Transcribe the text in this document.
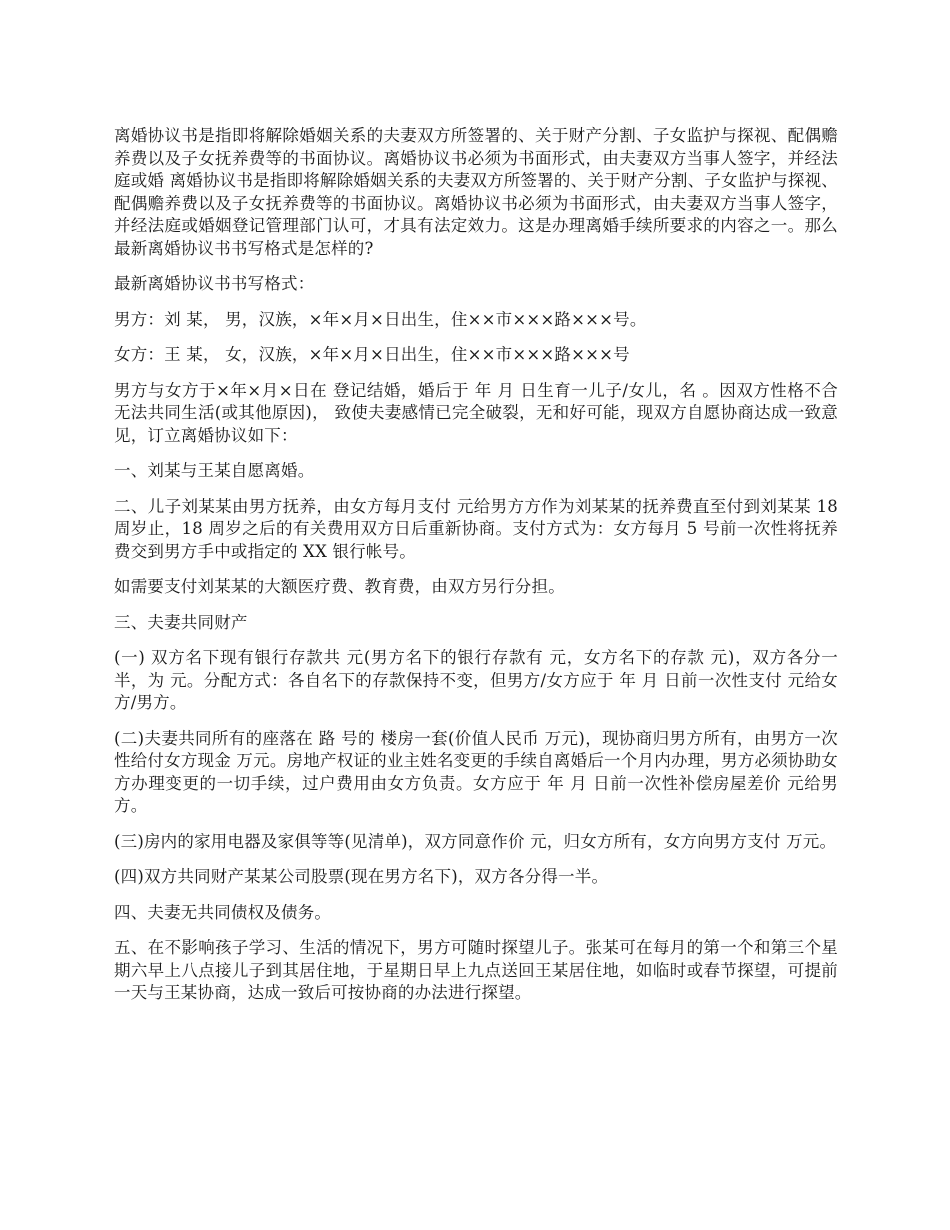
离婚协议书是指即将解除婚姻关系的夫妻双方所签署的、关于财产分割、子女监护与探视、配偶赡养费以及子女抚养费等的书面协议。离婚协议书必须为书面形式，由夫妻双方当事人签字，并经法庭或婚 离婚协议书是指即将解除婚姻关系的夫妻双方所签署的、关于财产分割、子女监护与探视、配偶赡养费以及子女抚养费等的书面协议。离婚协议书必须为书面形式，由夫妻双方当事人签字，并经法庭或婚姻登记管理部门认可，才具有法定效力。这是办理离婚手续所要求的内容之一。那么最新离婚协议书书写格式是怎样的?

最新离婚协议书书写格式：

男方：刘 某， 男，汉族，×年×月×日出生，住××市×××路×××号。

女方：王 某， 女，汉族，×年×月×日出生，住××市×××路×××号

男方与女方于×年×月×日在 登记结婚，婚后于 年 月 日生育一儿子/女儿，名 。因双方性格不合无法共同生活(或其他原因)， 致使夫妻感情已完全破裂，无和好可能，现双方自愿协商达成一致意见，订立离婚协议如下：

一、刘某与王某自愿离婚。

二、儿子刘某某由男方抚养，由女方每月支付 元给男方方作为刘某某的抚养费直至付到刘某某 18 周岁止，18 周岁之后的有关费用双方日后重新协商。支付方式为：女方每月 5 号前一次性将抚养费交到男方手中或指定的 XX 银行帐号。

如需要支付刘某某的大额医疗费、教育费，由双方另行分担。

三、夫妻共同财产

(一) 双方名下现有银行存款共 元(男方名下的银行存款有 元，女方名下的存款 元)，双方各分一半，为 元。分配方式：各自名下的存款保持不变，但男方/女方应于 年 月 日前一次性支付 元给女方/男方。

(二)夫妻共同所有的座落在 路 号的 楼房一套(价值人民币 万元)，现协商归男方所有，由男方一次性给付女方现金 万元。房地产权证的业主姓名变更的手续自离婚后一个月内办理，男方必须协助女方办理变更的一切手续，过户费用由女方负责。女方应于 年 月 日前一次性补偿房屋差价 元给男方。

(三)房内的家用电器及家俱等等(见清单)，双方同意作价 元，归女方所有，女方向男方支付 万元。

(四)双方共同财产某某公司股票(现在男方名下)，双方各分得一半。

四、夫妻无共同债权及债务。

五、在不影响孩子学习、生活的情况下，男方可随时探望儿子。张某可在每月的第一个和第三个星期六早上八点接儿子到其居住地，于星期日早上九点送回王某居住地，如临时或春节探望，可提前一天与王某协商，达成一致后可按协商的办法进行探望。
